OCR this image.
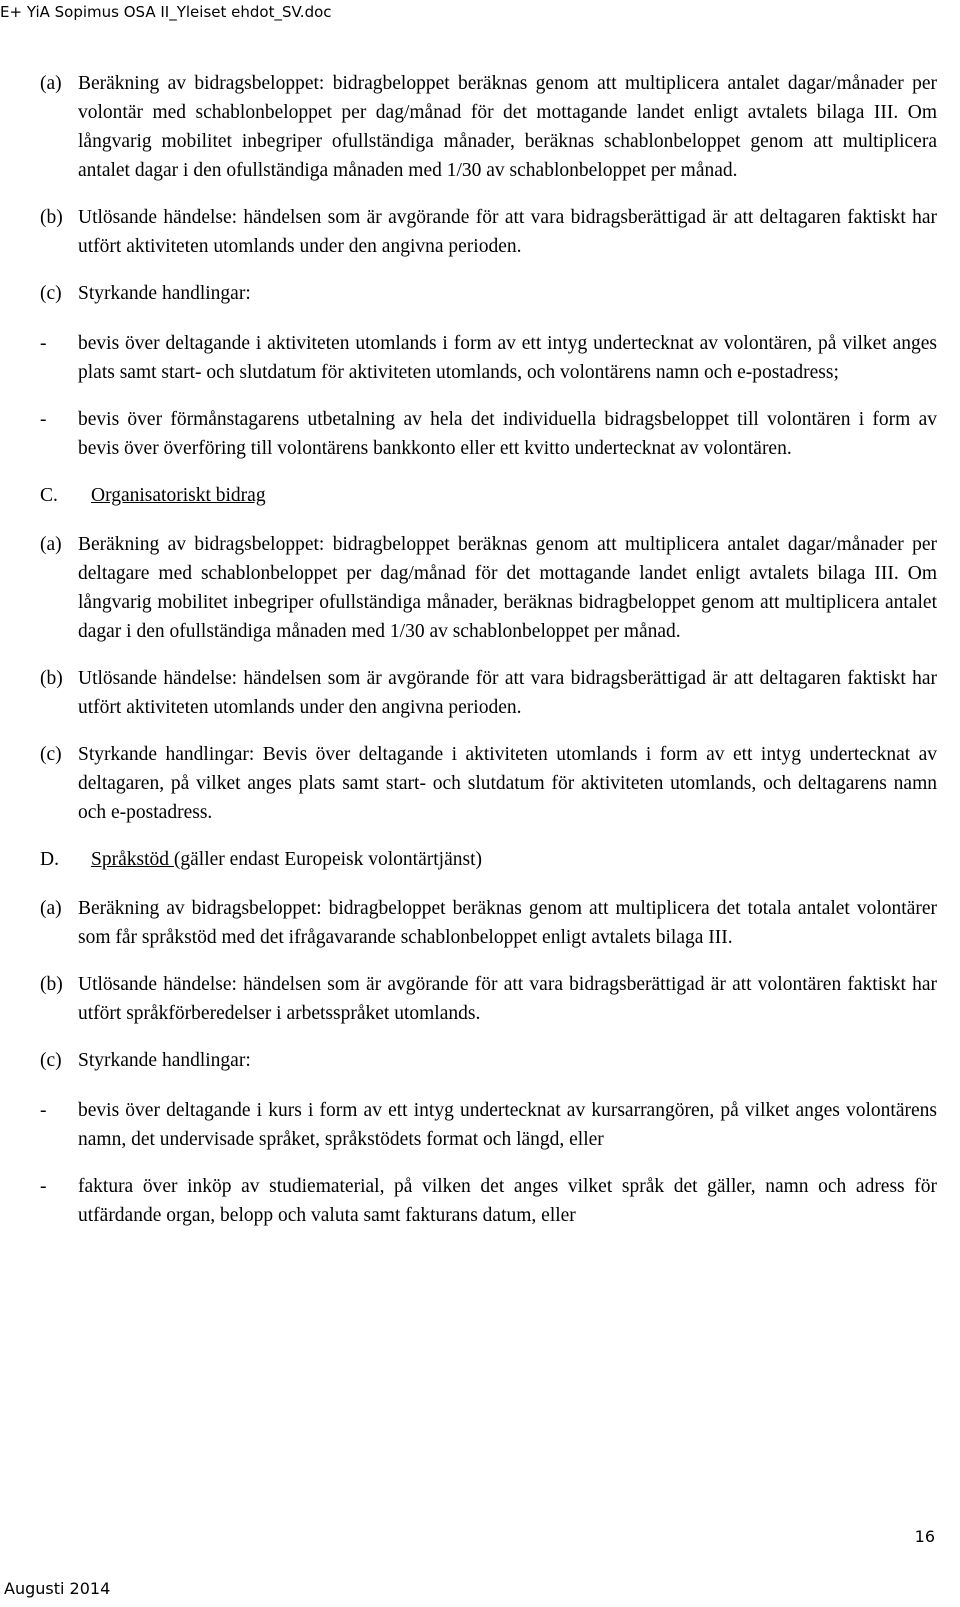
E+ YiA Sopimus OSA II_Yleiset ehdot_SV.doc
(a) Beräkning av bidragsbeloppet: bidragbeloppet beräknas genom att multiplicera antalet dagar/månader per volontär med schablonbeloppet per dag/månad för det mottagande landet enligt avtalets bilaga III. Om långvarig mobilitet inbegriper ofullständiga månader, beräknas schablonbeloppet genom att multiplicera antalet dagar i den ofullständiga månaden med 1/30 av schablonbeloppet per månad.
(b) Utlösande händelse: händelsen som är avgörande för att vara bidragsberättigad är att deltagaren faktiskt har utfört aktiviteten utomlands under den angivna perioden.
(c) Styrkande handlingar:
- bevis över deltagande i aktiviteten utomlands i form av ett intyg undertecknat av volontären, på vilket anges plats samt start- och slutdatum för aktiviteten utomlands, och volontärens namn och e-postadress;
- bevis över förmånstagarens utbetalning av hela det individuella bidragsbeloppet till volontären i form av bevis över överföring till volontärens bankkonto eller ett kvitto undertecknat av volontären.
C. Organisatoriskt bidrag
(a) Beräkning av bidragsbeloppet: bidragbeloppet beräknas genom att multiplicera antalet dagar/månader per deltagare med schablonbeloppet per dag/månad för det mottagande landet enligt avtalets bilaga III. Om långvarig mobilitet inbegriper ofullständiga månader, beräknas bidragbeloppet genom att multiplicera antalet dagar i den ofullständiga månaden med 1/30 av schablonbeloppet per månad.
(b) Utlösande händelse: händelsen som är avgörande för att vara bidragsberättigad är att deltagaren faktiskt har utfört aktiviteten utomlands under den angivna perioden.
(c) Styrkande handlingar: Bevis över deltagande i aktiviteten utomlands i form av ett intyg undertecknat av deltagaren, på vilket anges plats samt start- och slutdatum för aktiviteten utomlands, och deltagarens namn och e-postadress.
D. Språkstöd (gäller endast Europeisk volontärtjänst)
(a) Beräkning av bidragsbeloppet: bidragbeloppet beräknas genom att multiplicera det totala antalet volontärer som får språkstöd med det ifrågavarande schablonbeloppet enligt avtalets bilaga III.
(b) Utlösande händelse: händelsen som är avgörande för att vara bidragsberättigad är att volontären faktiskt har utfört språkförberedelser i arbetsspråket utomlands.
(c) Styrkande handlingar:
- bevis över deltagande i kurs i form av ett intyg undertecknat av kursarrangören, på vilket anges volontärens namn, det undervisade språket, språkstödets format och längd, eller
- faktura över inköp av studiematerial, på vilken det anges vilket språk det gäller, namn och adress för utfärdande organ, belopp och valuta samt fakturans datum, eller
16
Augusti 2014
